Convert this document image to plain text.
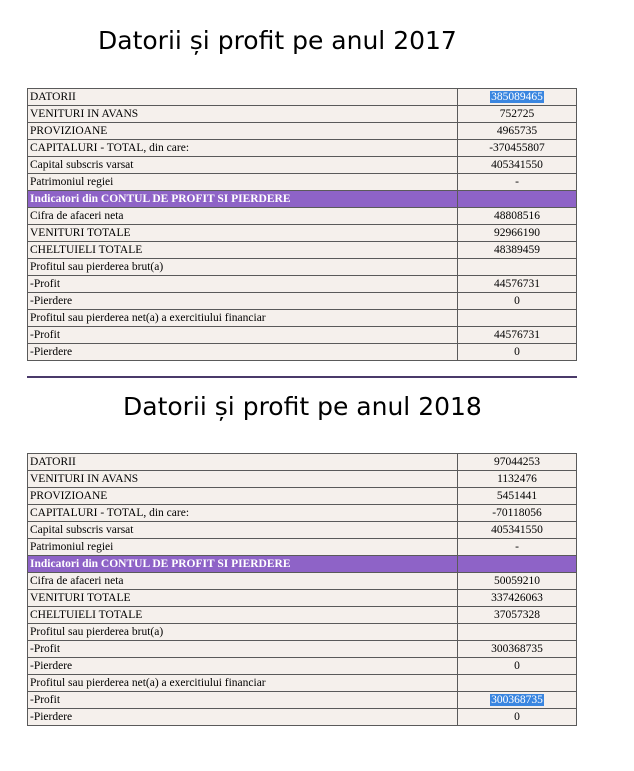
Datorii și profit pe anul 2017
DATORII	385089465
VENITURI IN AVANS	752725
PROVIZIOANE	4965735
CAPITALURI - TOTAL, din care:	-370455807
Capital subscris varsat	405341550
Patrimoniul regiei	-
Indicatori din CONTUL DE PROFIT SI PIERDERE	
Cifra de afaceri neta	48808516
VENITURI TOTALE	92966190
CHELTUIELI TOTALE	48389459
Profitul sau pierderea brut(a)	
-Profit	44576731
-Pierdere	0
Profitul sau pierderea net(a) a exercitiului financiar	
-Profit	44576731
-Pierdere	0
Datorii și profit pe anul 2018
DATORII	97044253
VENITURI IN AVANS	1132476
PROVIZIOANE	5451441
CAPITALURI - TOTAL, din care:	-70118056
Capital subscris varsat	405341550
Patrimoniul regiei	-
Indicatori din CONTUL DE PROFIT SI PIERDERE	
Cifra de afaceri neta	50059210
VENITURI TOTALE	337426063
CHELTUIELI TOTALE	37057328
Profitul sau pierderea brut(a)	
-Profit	300368735
-Pierdere	0
Profitul sau pierderea net(a) a exercitiului financiar	
-Profit	300368735
-Pierdere	0
